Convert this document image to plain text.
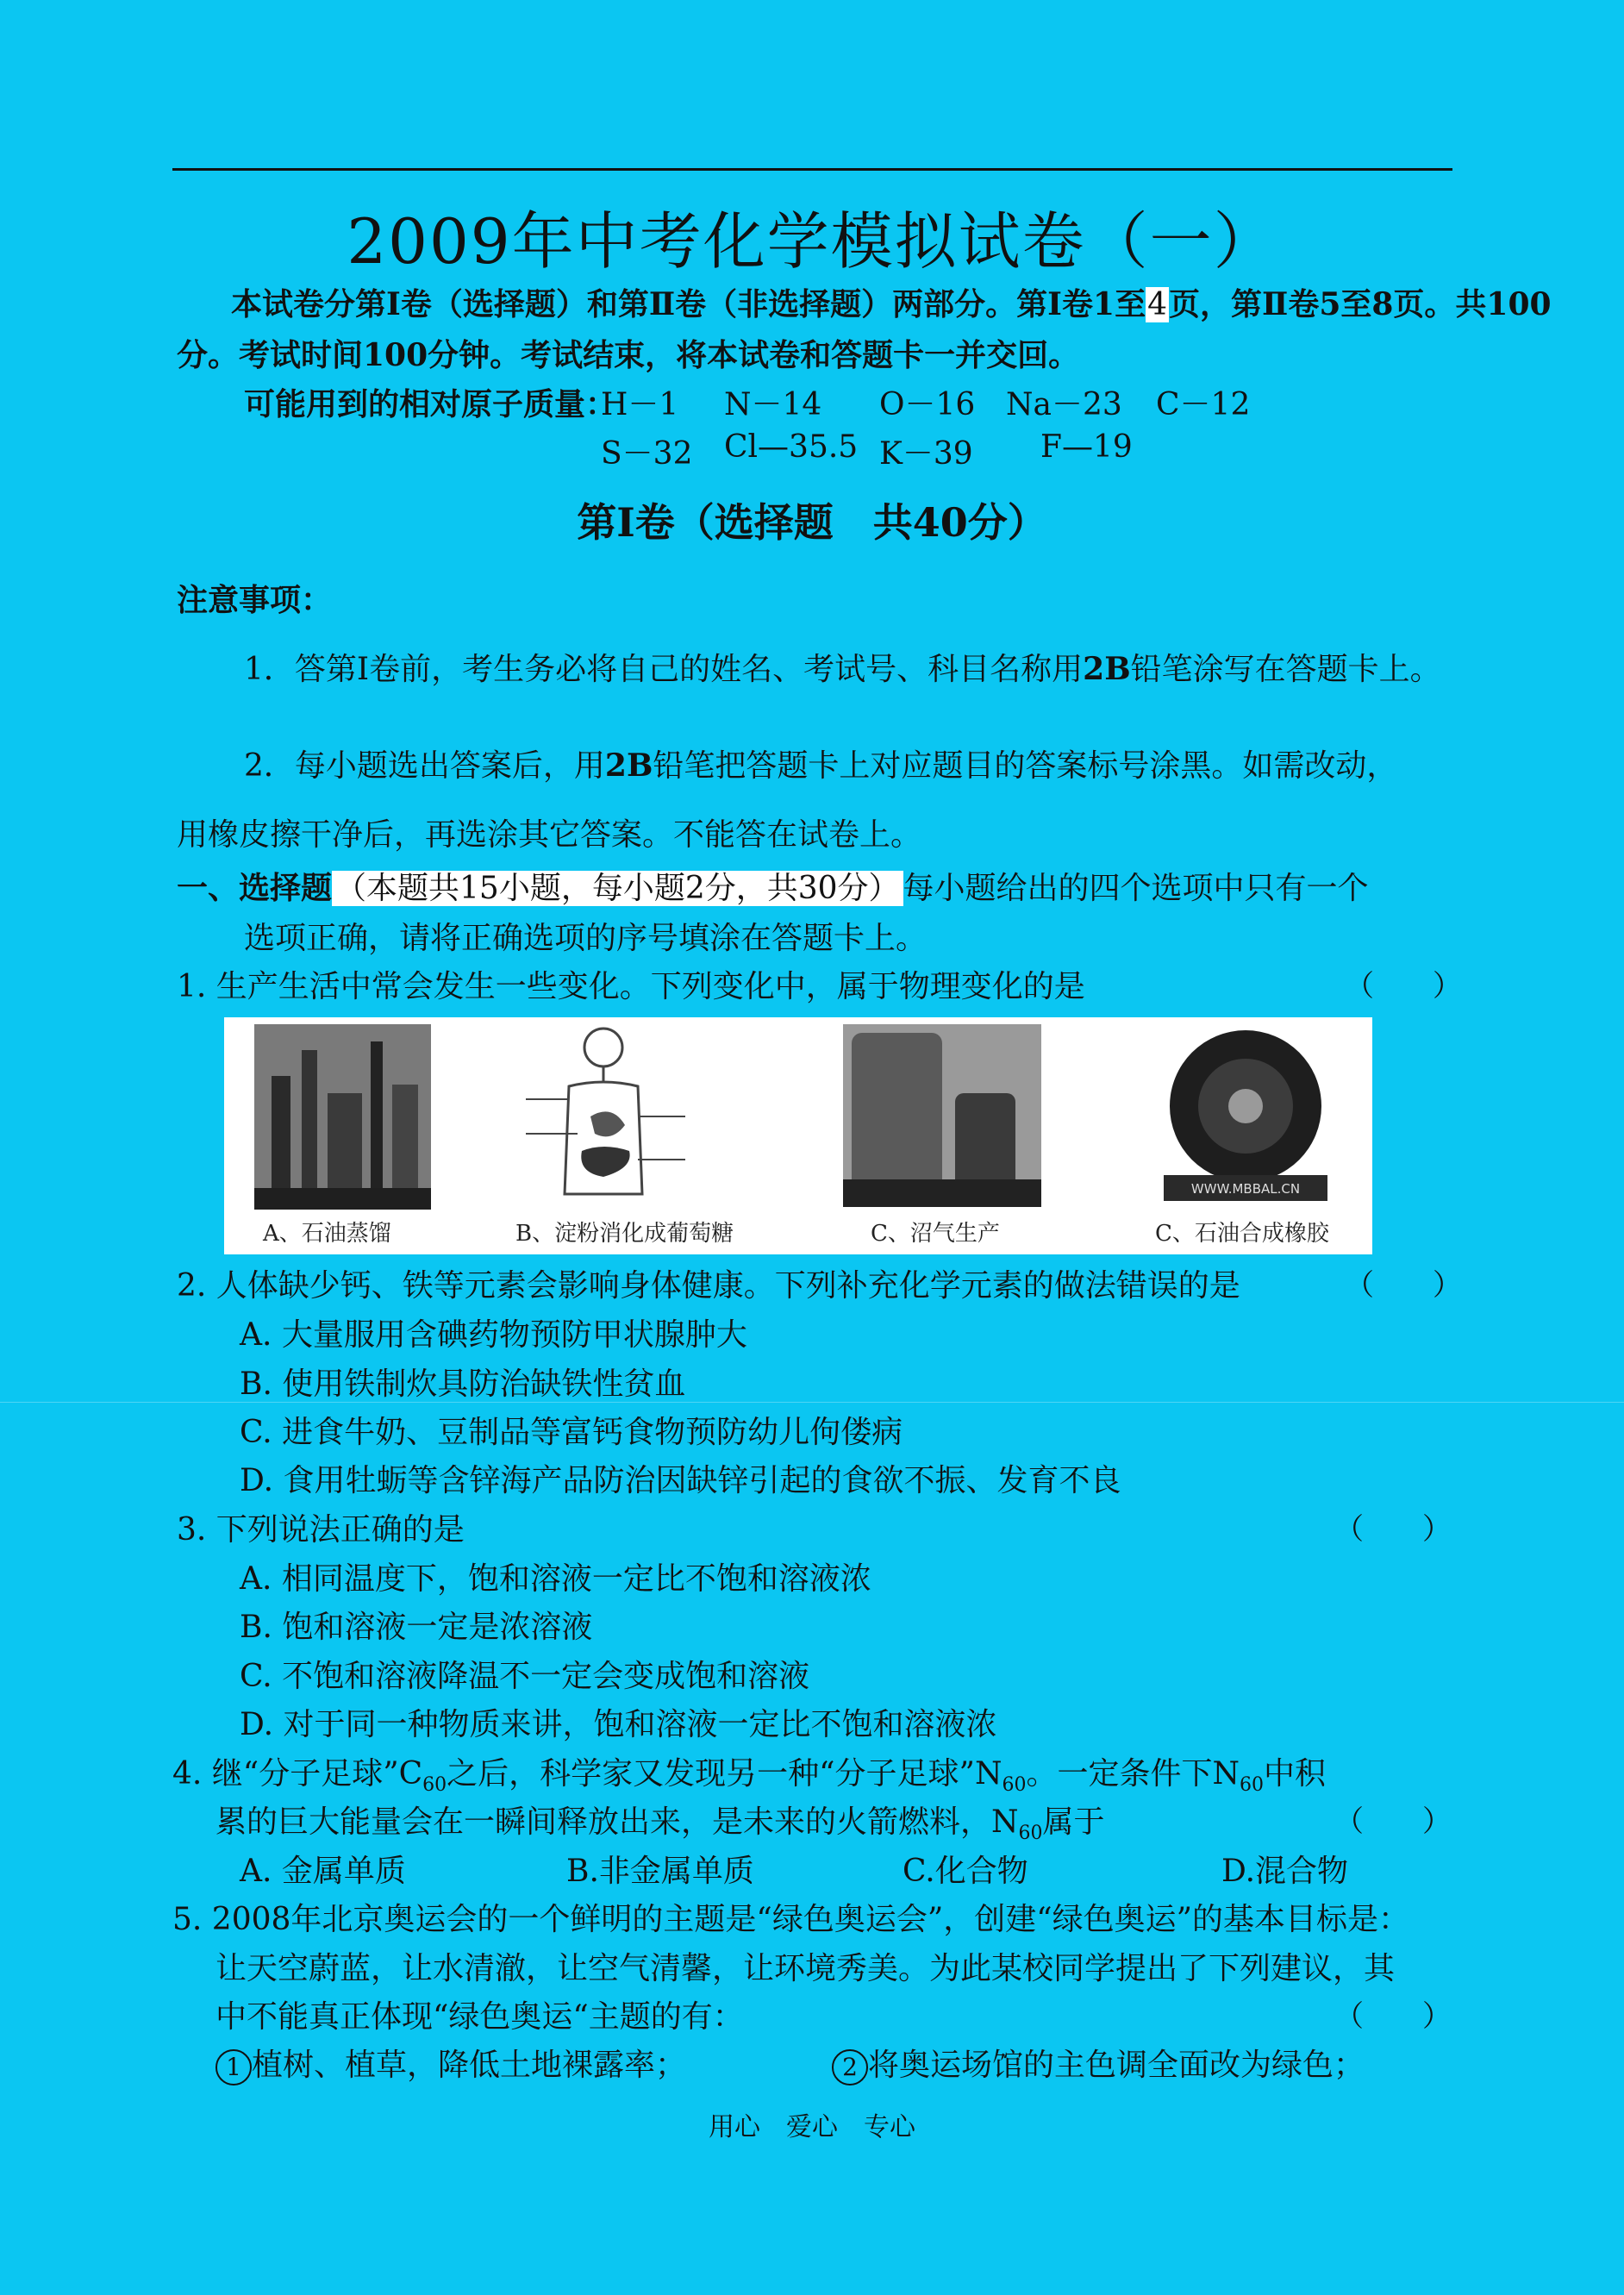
2009年中考化学模拟试卷（一）
本试卷分第Ⅰ卷（选择题）和第Ⅱ卷（非选择题）两部分。第Ⅰ卷1至4页，第Ⅱ卷5至8页。共100
分。考试时间100分钟。考试结束，将本试卷和答题卡一并交回。
可能用到的相对原子质量：
H－1 N－14 O－16 Na－23 C－12
S－32 Cl—35.5 K－39 F—19
第Ⅰ卷（选择题　共40分）
注意事项：
1．答第Ⅰ卷前，考生务必将自己的姓名、考试号、科目名称用2B铅笔涂写在答题卡上。
2．每小题选出答案后，用2B铅笔把答题卡上对应题目的答案标号涂黑。如需改动，
用橡皮擦干净后，再选涂其它答案。不能答在试卷上。
一、选择题 （本题共15小题，每小题2分，共30分） 每小题给出的四个选项中只有一个
选项正确，请将正确选项的序号填涂在答题卡上。
1. 生产生活中常会发生一些变化。下列变化中，属于物理变化的是	（　　）
A、石油蒸馏	B、淀粉消化成葡萄糖	C、沼气生产
WWW.MBBAL.CN
C、石油合成橡胶
2. 人体缺少钙、铁等元素会影响身体健康。下列补充化学元素的做法错误的是	（　　）
A. 大量服用含碘药物预防甲状腺肿大
B. 使用铁制炊具防治缺铁性贫血
C. 进食牛奶、豆制品等富钙食物预防幼儿佝偻病
D. 食用牡蛎等含锌海产品防治因缺锌引起的食欲不振、发育不良
3. 下列说法正确的是	（　　）
A. 相同温度下，饱和溶液一定比不饱和溶液浓
B. 饱和溶液一定是浓溶液
C. 不饱和溶液降温不一定会变成饱和溶液
D. 对于同一种物质来讲，饱和溶液一定比不饱和溶液浓
4. 继“分子足球$”C_{60}$之后，科学家又发现另一种“分子足球$”N_{60}$。一定条件下$N_{60}$中积
累的巨大能量会在一瞬间释放出来，是未来的火箭燃料，$N_{60}$属于	（　　）
A. 金属单质	B.非金属单质	C.化合物	D.混合物
5. 2008年北京奥运会的一个鲜明的主题是“绿色奥运会”，创建“绿色奥运”的基本目标是：
让天空蔚蓝，让水清澈，让空气清馨，让环境秀美。为此某校同学提出了下列建议，其
中不能真正体现“绿色奥运“主题的有：	（　　）
1 植树、植草，降低土地裸露率；	2 将奥运场馆的主色调全面改为绿色；
用心　爱心　专心
